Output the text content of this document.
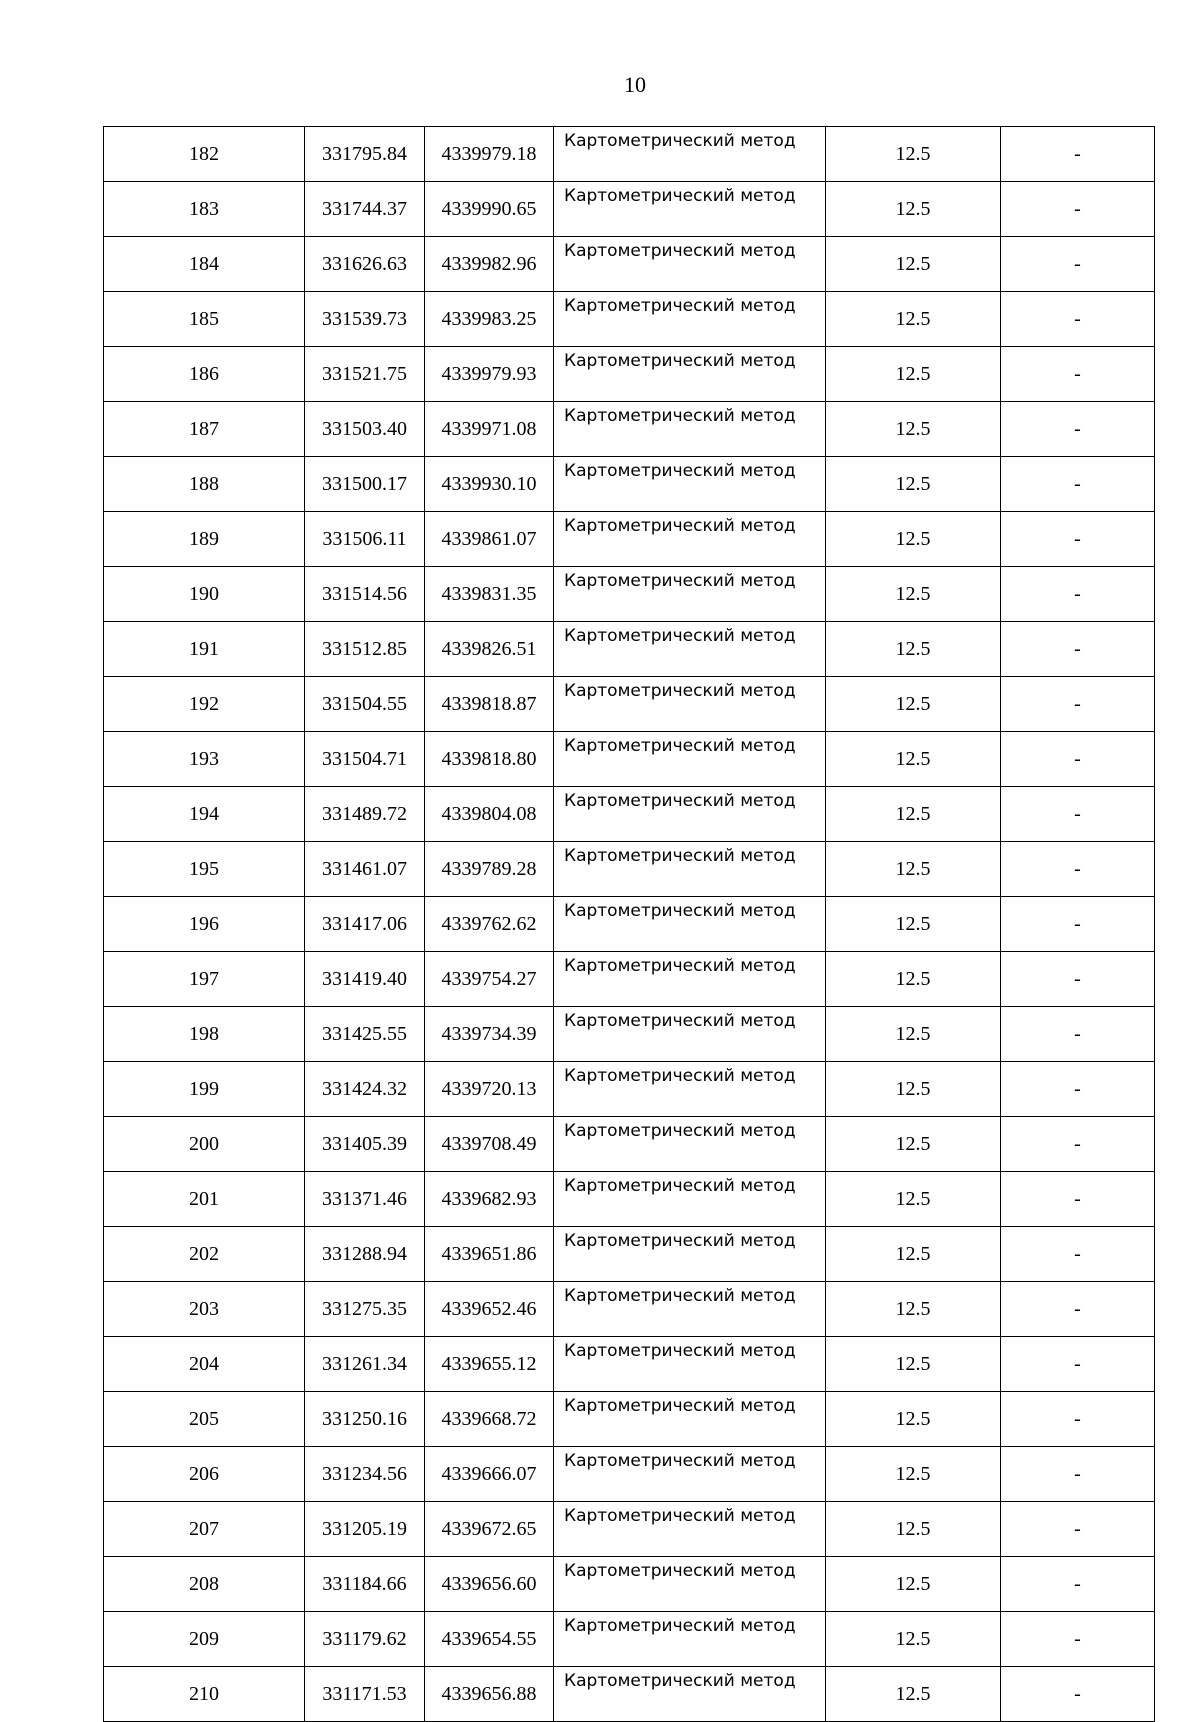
10
182	331795.84	4339979.18	Картометрический метод	12.5	-
183	331744.37	4339990.65	Картометрический метод	12.5	-
184	331626.63	4339982.96	Картометрический метод	12.5	-
185	331539.73	4339983.25	Картометрический метод	12.5	-
186	331521.75	4339979.93	Картометрический метод	12.5	-
187	331503.40	4339971.08	Картометрический метод	12.5	-
188	331500.17	4339930.10	Картометрический метод	12.5	-
189	331506.11	4339861.07	Картометрический метод	12.5	-
190	331514.56	4339831.35	Картометрический метод	12.5	-
191	331512.85	4339826.51	Картометрический метод	12.5	-
192	331504.55	4339818.87	Картометрический метод	12.5	-
193	331504.71	4339818.80	Картометрический метод	12.5	-
194	331489.72	4339804.08	Картометрический метод	12.5	-
195	331461.07	4339789.28	Картометрический метод	12.5	-
196	331417.06	4339762.62	Картометрический метод	12.5	-
197	331419.40	4339754.27	Картометрический метод	12.5	-
198	331425.55	4339734.39	Картометрический метод	12.5	-
199	331424.32	4339720.13	Картометрический метод	12.5	-
200	331405.39	4339708.49	Картометрический метод	12.5	-
201	331371.46	4339682.93	Картометрический метод	12.5	-
202	331288.94	4339651.86	Картометрический метод	12.5	-
203	331275.35	4339652.46	Картометрический метод	12.5	-
204	331261.34	4339655.12	Картометрический метод	12.5	-
205	331250.16	4339668.72	Картометрический метод	12.5	-
206	331234.56	4339666.07	Картометрический метод	12.5	-
207	331205.19	4339672.65	Картометрический метод	12.5	-
208	331184.66	4339656.60	Картометрический метод	12.5	-
209	331179.62	4339654.55	Картометрический метод	12.5	-
210	331171.53	4339656.88	Картометрический метод	12.5	-
